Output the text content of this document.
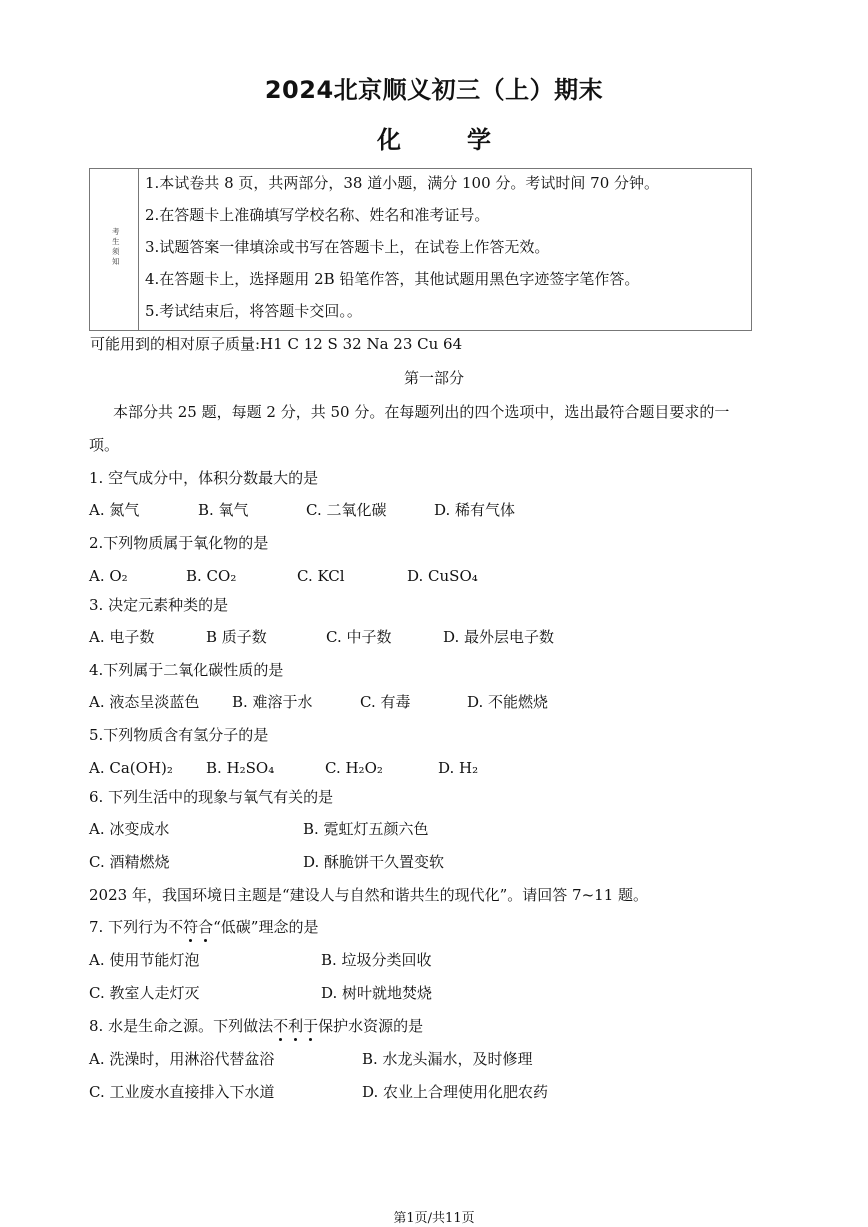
2024北京顺义初三（上）期末
化	学
考生须知
1.本试卷共 8 页，共两部分，38 道小题，满分 100 分。考试时间 70 分钟。
2.在答题卡上准确填写学校名称、姓名和准考证号。
3.试题答案一律填涂或书写在答题卡上，在试卷上作答无效。
4.在答题卡上，选择题用 2B 铅笔作答，其他试题用黑色字迹签字笔作答。
5.考试结束后，将答题卡交回。。
可能用到的相对原子质量:H1 C 12 S 32 Na 23 Cu 64
第一部分
本部分共 25 题，每题 2 分，共 50 分。在每题列出的四个选项中，选出最符合题目要求的一
项。
1. 空气成分中，体积分数最大的是
A. 氮气	B. 氧气	C. 二氧化碳	D. 稀有气体
2.下列物质属于氧化物的是
A. O₂	B. CO₂	C. KCl	D. CuSO₄
3. 决定元素种类的是
A. 电子数	B 质子数	C. 中子数	D. 最外层电子数
4.下列属于二氧化碳性质的是
A. 液态呈淡蓝色 B. 难溶于水	C. 有毒	D. 不能燃烧
5.下列物质含有氢分子的是
A. Ca(OH)₂ B. H₂SO₄	C. H₂O₂	D. H₂
6. 下列生活中的现象与氧气有关的是
A. 冰变成水	B. 霓虹灯五颜六色
C. 酒精燃烧	D. 酥脆饼干久置变软
2023 年，我国环境日主题是“建设人与自然和谐共生的现代化”。请回答 7~11 题。
7. 下列行为不符合“低碳”理念的是
A. 使用节能灯泡	B. 垃圾分类回收
C. 教室人走灯灭	D. 树叶就地焚烧
8. 水是生命之源。下列做法不利于保护水资源的是
A. 洗澡时，用淋浴代替盆浴	B. 水龙头漏水，及时修理
C. 工业废水直接排入下水道	D. 农业上合理使用化肥农药
第1页/共11页
